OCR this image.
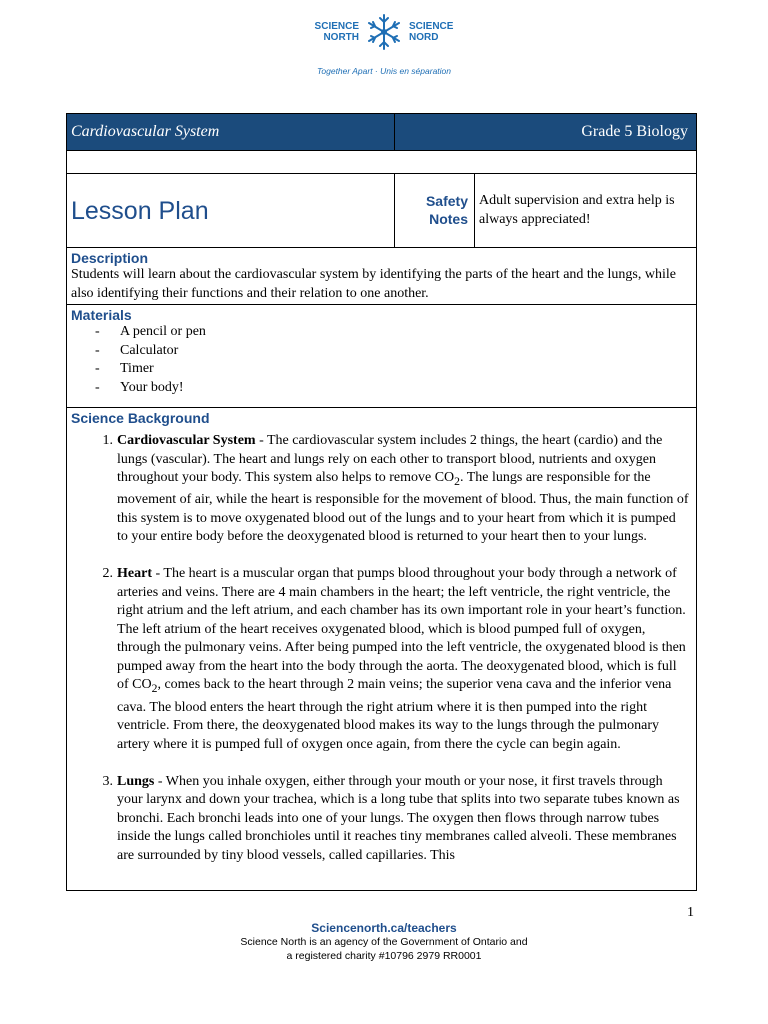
SCIENCE
NORTH
SCIENCE
NORD
Together Apart · Unis en séparation
Cardiovascular System	Grade 5 Biology
Lesson Plan	Safety
Notes
Adult supervision and extra help is always appreciated!
Description
Students will learn about the cardiovascular system by identifying the parts of the heart and the lungs, while also identifying their functions and their relation to one another.
Materials
- A pencil or pen
- Calculator
- Timer
- Your body!
Science Background
1. Cardiovascular System - The cardiovascular system includes 2 things, the heart (cardio) and the lungs (vascular). The heart and lungs rely on each other to transport blood, nutrients and oxygen throughout your body. This system also helps to remove $CO_2$. The lungs are responsible for the movement of air, while the heart is responsible for the movement of blood. Thus, the main function of this system is to move oxygenated blood out of the lungs and to your heart from which it is pumped to your entire body before the deoxygenated blood is returned to your heart then to your lungs.
2. Heart - The heart is a muscular organ that pumps blood throughout your body through a network of arteries and veins. There are 4 main chambers in the heart; the left ventricle, the right ventricle, the right atrium and the left atrium, and each chamber has its own important role in your heart’s function. The left atrium of the heart receives oxygenated blood, which is blood pumped full of oxygen, through the pulmonary veins. After being pumped into the left ventricle, the oxygenated blood is then pumped away from the heart into the body through the aorta. The deoxygenated blood, which is full of $CO_2$, comes back to the heart through 2 main veins; the superior vena cava and the inferior vena cava. The blood enters the heart through the right atrium where it is then pumped into the right ventricle. From there, the deoxygenated blood makes its way to the lungs through the pulmonary artery where it is pumped full of oxygen once again, from there the cycle can begin again.
3. Lungs - When you inhale oxygen, either through your mouth or your nose, it first travels through your larynx and down your trachea, which is a long tube that splits into two separate tubes known as bronchi. Each bronchi leads into one of your lungs. The oxygen then flows through narrow tubes inside the lungs called bronchioles until it reaches tiny membranes called alveoli. These membranes are surrounded by tiny blood vessels, called capillaries. This
1
Sciencenorth.ca/teachers
Science North is an agency of the Government of Ontario and
a registered charity #10796 2979 RR0001
